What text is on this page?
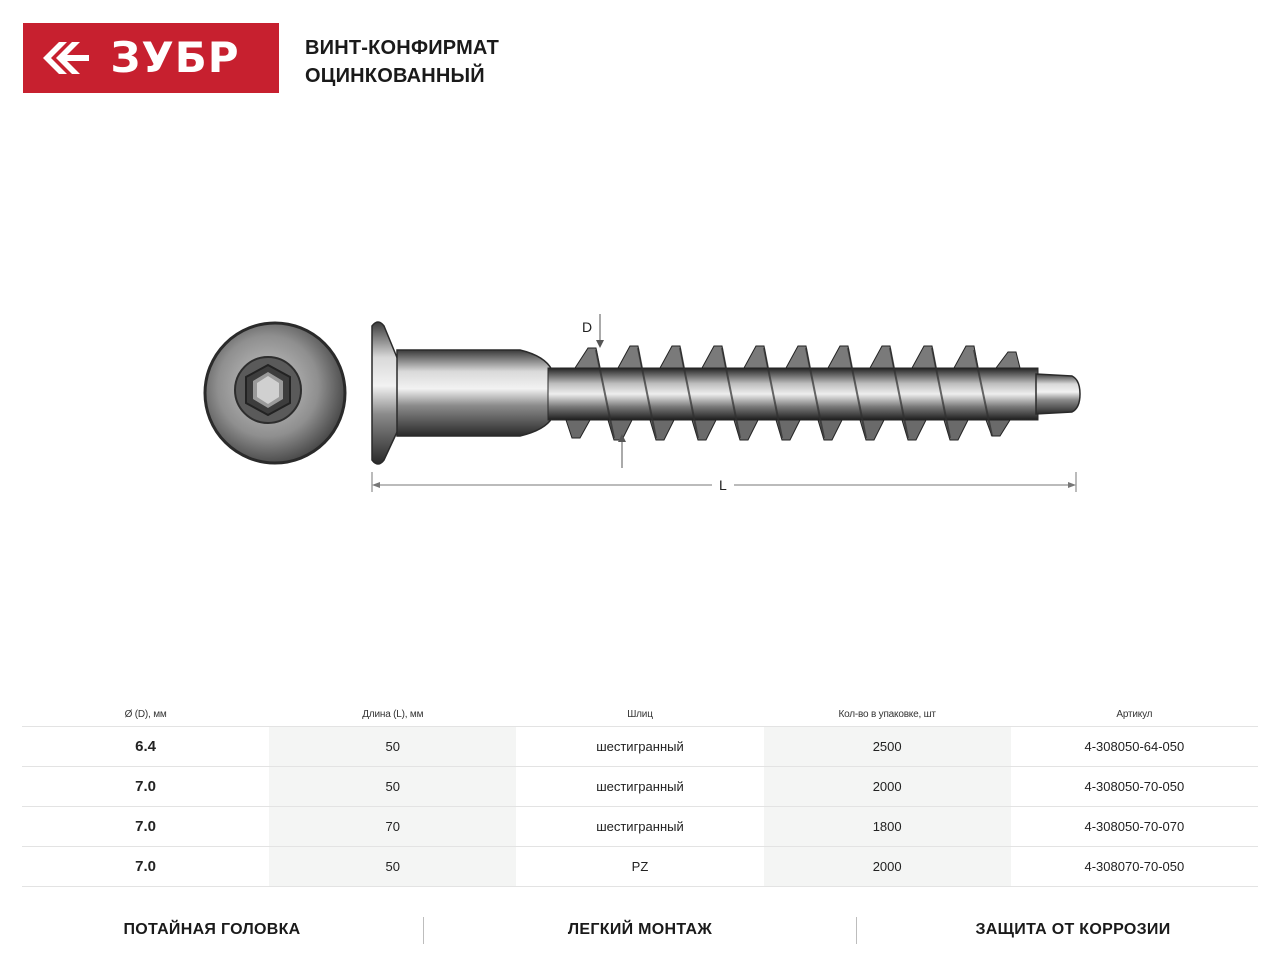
ЗУБР	ВИНТ-КОНФИРМАТ
ОЦИНКОВАННЫЙ
D
L
Ø (D), мм	Длина (L), мм	Шлиц	Кол-во в упаковке, шт	Артикул
6.4	50	шестигранный	2500	4-308050-64-050
7.0	50	шестигранный	2000	4-308050-70-050
7.0	70	шестигранный	1800	4-308050-70-070
7.0	50	PZ	2000	4-308070-70-050
ПОТАЙНАЯ ГОЛОВКА	ЛЕГКИЙ МОНТАЖ	ЗАЩИТА ОТ КОРРОЗИИ
